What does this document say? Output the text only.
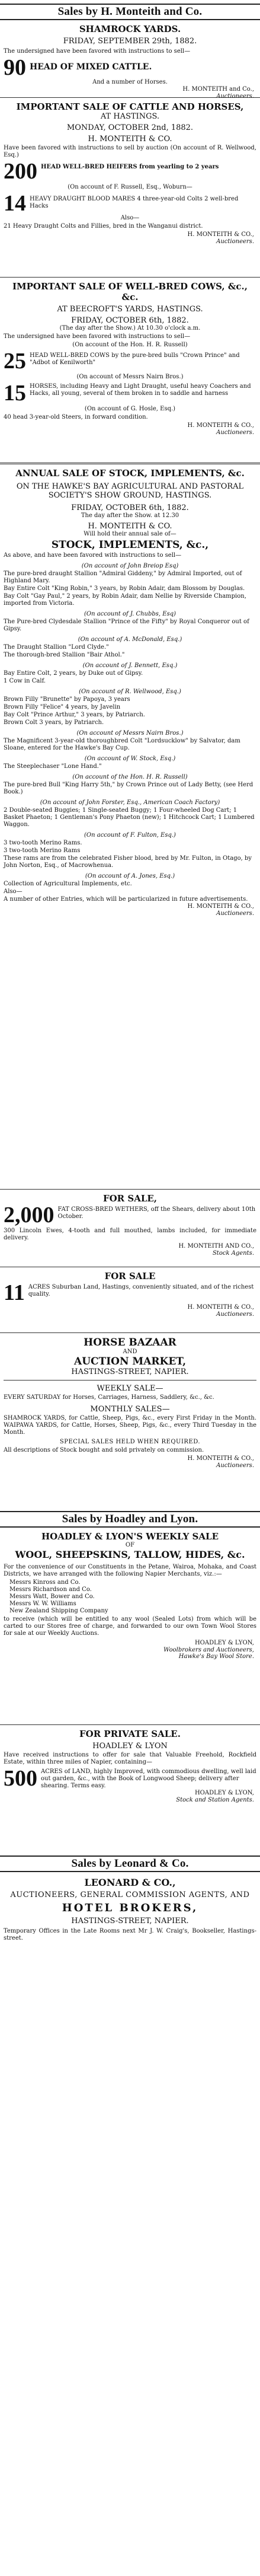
Sales by H. Monteith and Co.
SHAMROCK YARDS.
FRIDAY, SEPTEMBER 29th, 1882.

The undersigned have been favored with instructions to sell—

90 HEAD OF MIXED CATTLE.
And a number of Horses.
H. MONTEITH and Co.,
Auctioneers.
IMPORTANT SALE OF CATTLE AND HORSES,
AT HASTINGS.
MONDAY, OCTOBER 2nd, 1882.
H. MONTEITH & CO.

Have been favored with instructions to sell by auction (On account of R. Wellwood, Esq.)

200 HEAD WELL-BRED HEIFERS from yearling to 2 years

(On account of F. Russell, Esq., Woburn—

14 HEAVY DRAUGHT BLOOD MARES 4 three-year-old Colts 2 well-bred Hacks
Also—

21 Heavy Draught Colts and Fillies, bred in the Wanganui district.

H. MONTEITH & CO.,
Auctioneers.
IMPORTANT SALE OF WELL-BRED COWS, &c., &c.
AT BEECROFT'S YARDS, HASTINGS.
FRIDAY, OCTOBER 6th, 1882.
(The day after the Show.) At 10.30 o'clock a.m.

The undersigned have been favored with instructions to sell—

(On account of the Hon. H. R. Russell)

25 HEAD WELL-BRED COWS by the pure-bred bulls "Crown Prince" and "Adbot of Kenilworth"

(On account of Messrs Nairn Bros.)

15 HORSES, including Heavy and Light Draught, useful heavy Coachers and Hacks, all young, several of them broken in to saddle and harness

(On account of G. Hosle, Esq.)

40 head 3-year-old Steers, in forward condition.

H. MONTEITH & CO.,
Auctioneers.
ANNUAL SALE OF STOCK, IMPLEMENTS, &c.
ON THE HAWKE'S BAY AGRICULTURAL AND PASTORAL SOCIETY'S SHOW GROUND, HASTINGS.
FRIDAY, OCTOBER 6th, 1882.
The day after the Show. at 12.30
H. MONTEITH & CO.
Will hold their annual sale of—
STOCK, IMPLEMENTS, &c.,

As above, and have been favored with instructions to sell—

(On account of John Breiop Esq)
The pure-bred draught Stallion "Admiral Giddeny," by Admiral Imported, out of Highland Mary.
Bay Entire Colt "King Robin," 3 years, by Robin Adair, dam Blossom by Douglas.
Bay Colt "Gay Paul," 2 years, by Robin Adair, dam Nellie by Riverside Champion, imported from Victoria.
(On account of J. Chubbs, Esq)
The Pure-bred Clydesdale Stallion "Prince of the Fifty" by Royal Conqueror out of Gipsy.
(On account of A. McDonald, Esq.)
The Draught Stallion "Lord Clyde."
The thorough-bred Stallion "Bair Athol."
(On account of J. Bennett, Esq.)
Bay Entire Colt, 2 years, by Duke out of Gipsy.
1 Cow in Calf.
(On account of R. Wellwood, Esq.)
Brown Filly "Brunette" by Papoya, 3 years
Brown Filly "Felice" 4 years, by Javelin
Bay Colt "Prince Arthur," 3 years, by Patriarch.
Brown Colt 3 years, by Patriarch.
(On account of Messrs Nairn Bros.)
The Magnificent 3-year-old thoroughbred Colt "Lordsucklow" by Salvator, dam Sloane, entered for the Hawke's Bay Cup.
(On account of W. Stock, Esq.)
The Steeplechaser "Lone Hand."
(On account of the Hon. H. R. Russell)
The pure-bred Bull "King Harry 5th," by Crown Prince out of Lady Betty, (see Herd Book.)
(On account of John Forster, Esq., American Coach Factory)
2 Double-seated Buggies; 1 Single-seated Buggy; 1 Four-wheeled Dog Cart; 1 Basket Phaeton; 1 Gentleman's Pony Phaeton (new); 1 Hitchcock Cart; 1 Lumbered Waggon.
(On account of F. Fulton, Esq.)
3 two-tooth Merino Rams.
3 two-tooth Merino Rams
These rams are from the celebrated Fisher blood, bred by Mr. Fulton, in Otago, by John Norton, Esq., of Macrowhenua.
(On account of A. Jones, Esq.)
Collection of Agricultural Implements, etc.
Also—
A number of other Entries, which will be particularized in future advertisements.
H. MONTEITH & CO.,
Auctioneers.
FOR SALE,
2,000 FAT CROSS-BRED WETHERS, off the Shears, delivery about 10th October.

300 Lincoln Ewes, 4-tooth and full mouthed, lambs included, for immediate delivery.

H. MONTEITH AND CO.,
Stock Agents.
FOR SALE
11 ACRES Suburban Land, Hastings, conveniently situated, and of the richest quality.
H. MONTEITH & CO.,
Auctioneers.
HORSE BAZAAR
AND
AUCTION MARKET,
HASTINGS-STREET, NAPIER.
WEEKLY SALE—

EVERY SATURDAY for Horses, Carriages, Harness, Saddlery, &c., &c.

MONTHLY SALES—

SHAMROCK YARDS, for Cattle, Sheep, Pigs, &c., every First Friday in the Month. WAIPAWA YARDS, for Cattle, Horses, Sheep, Pigs, &c., every Third Tuesday in the Month.

SPECIAL SALES HELD WHEN REQUIRED.

All descriptions of Stock bought and sold privately on commission.

H. MONTEITH & CO.,
Auctioneers.
Sales by Hoadley and Lyon.
HOADLEY & LYON'S WEEKLY SALE
OF
WOOL, SHEEPSKINS, TALLOW, HIDES, &c.

For the convenience of our Constituents in the Petane, Wairoa, Mohaka, and Coast Districts, we have arranged with the following Napier Merchants, viz.:—

Messrs Kinross and Co.
Messrs Richardson and Co.
Messrs Watt, Bower and Co.
Messrs W. W. Williams
New Zealand Shipping Company

to receive (which will be entitled to any wool (Sealed Lots) from which will be carted to our Stores free of charge, and forwarded to our own Town Wool Stores for sale at our Weekly Auctions.

HOADLEY & LYON,
Woolbrokers and Auctioneers,
Hawke's Bay Wool Store.
FOR PRIVATE SALE.
HOADLEY & LYON

Have received instructions to offer for sale that Valuable Freehold, Rockfield Estate, within three miles of Napier, containing—

500 ACRES of LAND, highly Improved, with commodious dwelling, well laid out garden, &c., with the Book of Longwood Sheep; delivery after shearing. Terms easy.
HOADLEY & LYON,
Stock and Station Agents.
Sales by Leonard & Co.
LEONARD & CO.,
AUCTIONEERS, GENERAL COMMISSION AGENTS, AND
HOTEL BROKERS,
HASTINGS-STREET, NAPIER.

Temporary Offices in the Late Rooms next Mr J. W. Craig's, Bookseller, Hastings-street.
